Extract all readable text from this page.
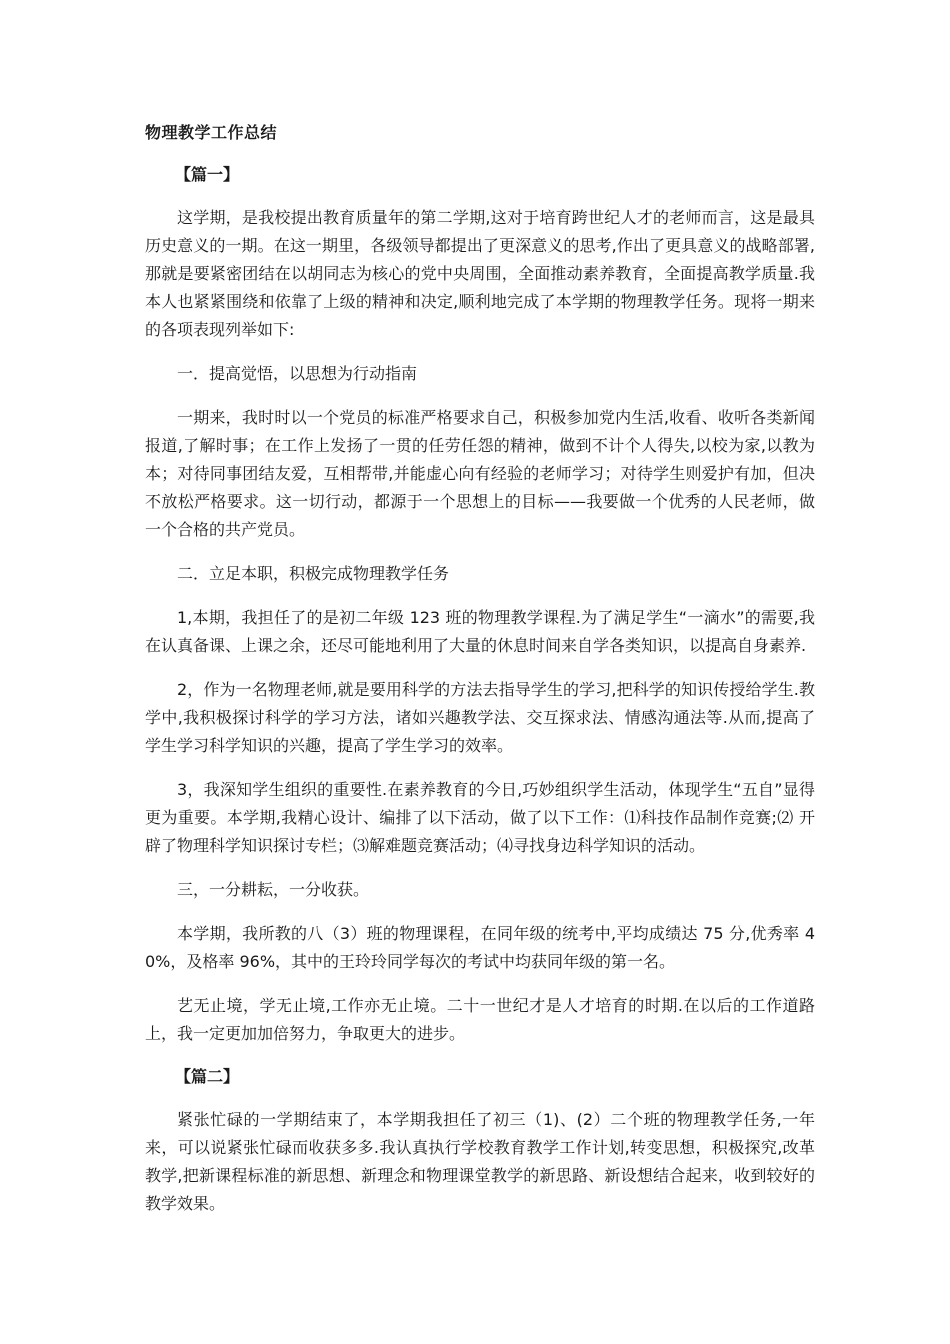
物理教学工作总结
【篇一】

这学期，是我校提出教育质量年的第二学期,这对于培育跨世纪人才的老师而言，这是最具历史意义的一期。在这一期里，各级领导都提出了更深意义的思考,作出了更具意义的战略部署,那就是要紧密团结在以胡同志为核心的党中央周围，全面推动素养教育，全面提高教学质量.我本人也紧紧围绕和依靠了上级的精神和决定,顺利地完成了本学期的物理教学任务。现将一期来的各项表现列举如下:

一．提高觉悟，以思想为行动指南

一期来，我时时以一个党员的标准严格要求自己，积极参加党内生活,收看、收听各类新闻报道,了解时事；在工作上发扬了一贯的任劳任怨的精神，做到不计个人得失,以校为家,以教为本；对待同事团结友爱，互相帮带,并能虚心向有经验的老师学习；对待学生则爱护有加，但决不放松严格要求。这一切行动，都源于一个思想上的目标——我要做一个优秀的人民老师，做一个合格的共产党员。

二．立足本职，积极完成物理教学任务

1,本期，我担任了的是初二年级 123 班的物理教学课程.为了满足学生“一滴水”的需要,我在认真备课、上课之余，还尽可能地利用了大量的休息时间来自学各类知识，以提高自身素养.

2，作为一名物理老师,就是要用科学的方法去指导学生的学习,把科学的知识传授给学生.教学中,我积极探讨科学的学习方法，诸如兴趣教学法、交互探求法、情感沟通法等.从而,提高了学生学习科学知识的兴趣，提高了学生学习的效率。

3，我深知学生组织的重要性.在素养教育的今日,巧妙组织学生活动，体现学生“五自”显得更为重要。本学期,我精心设计、编排了以下活动，做了以下工作：⑴科技作品制作竞赛;⑵ 开辟了物理科学知识探讨专栏；⑶解难题竞赛活动；⑷寻找身边科学知识的活动。

三，一分耕耘，一分收获。

本学期，我所教的八（3）班的物理课程，在同年级的统考中,平均成绩达 75 分,优秀率 40%，及格率 96%，其中的王玲玲同学每次的考试中均获同年级的第一名。

艺无止境，学无止境,工作亦无止境。二十一世纪才是人才培育的时期.在以后的工作道路上，我一定更加加倍努力，争取更大的进步。

【篇二】

紧张忙碌的一学期结束了，本学期我担任了初三（1)、(2）二个班的物理教学任务,一年来，可以说紧张忙碌而收获多多.我认真执行学校教育教学工作计划,转变思想，积极探究,改革教学,把新课程标准的新思想、新理念和物理课堂教学的新思路、新设想结合起来，收到较好的教学效果。
